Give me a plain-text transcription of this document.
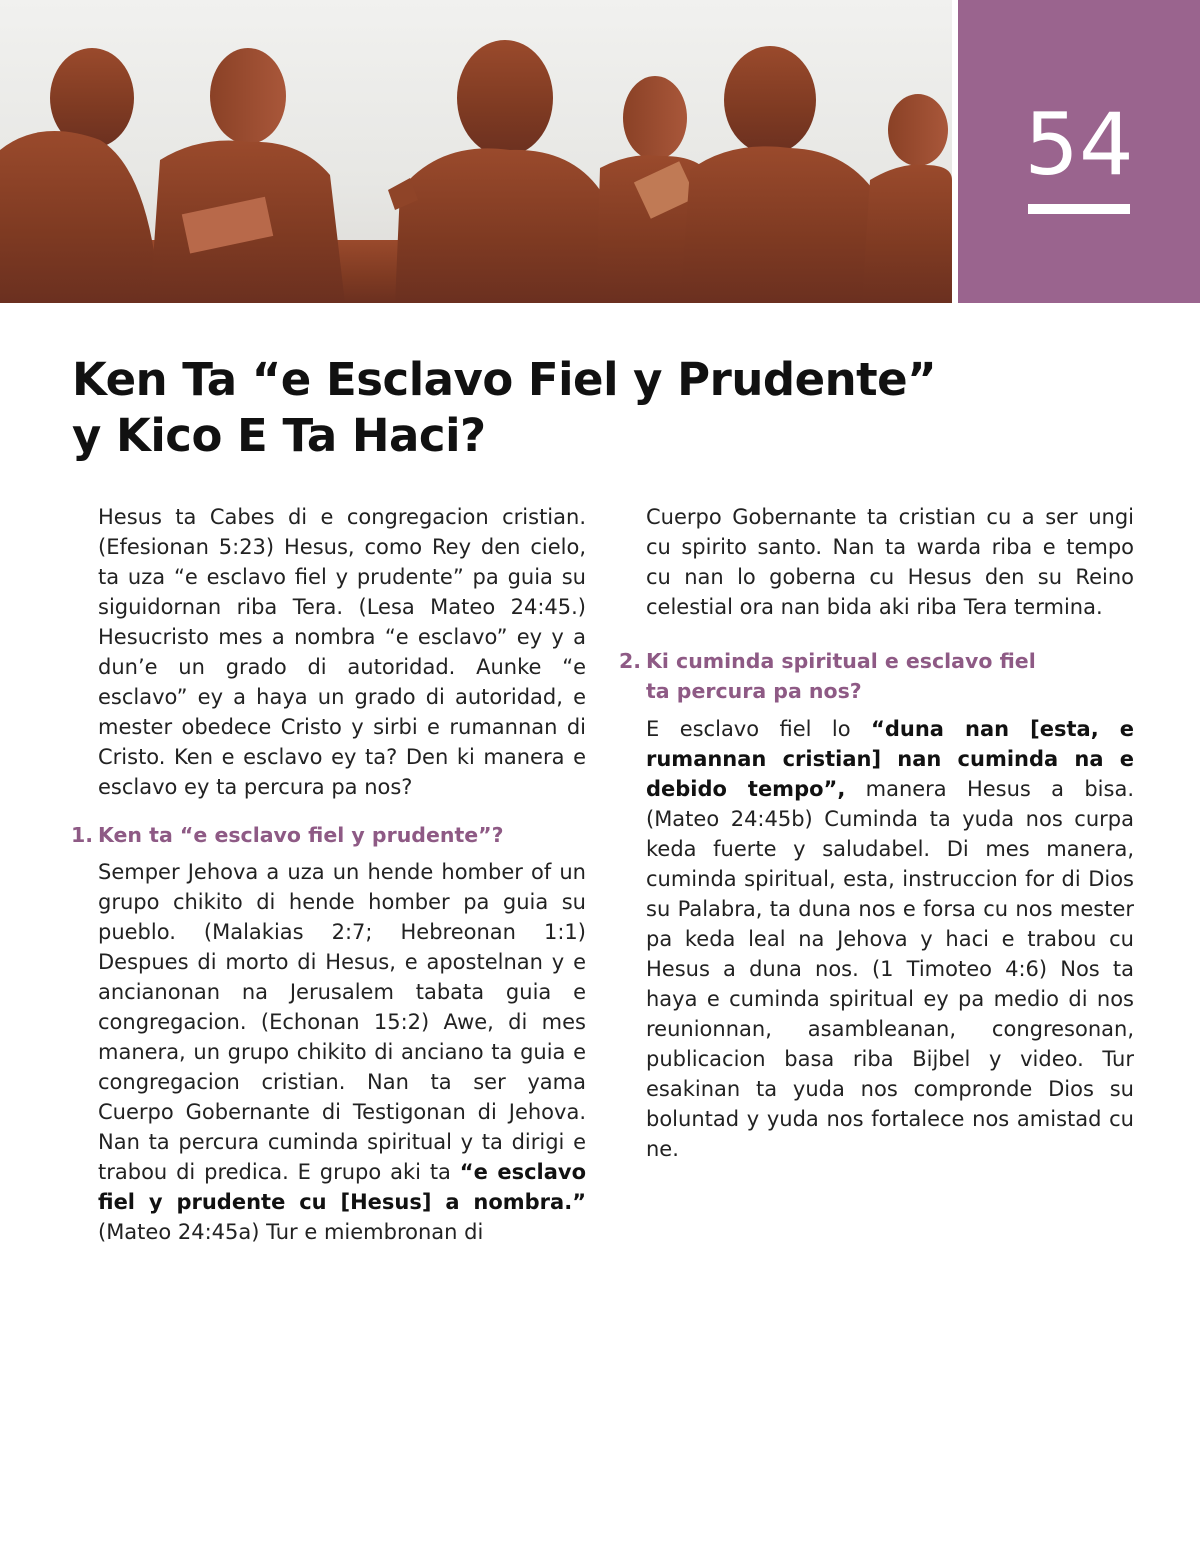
54
Ken Ta “e Esclavo Fiel y Prudente”
y Kico E Ta Haci?

Hesus ta Cabes di e congregacion cristian. (Efesionan 5:23) Hesus, como Rey den cielo, ta uza “e esclavo fiel y prudente” pa guia su siguidornan riba Tera. (Lesa Mateo 24:45.) Hesucristo mes a nombra “e esclavo” ey y a dun’e un grado di autoridad. Aunke “e esclavo” ey a haya un grado di autoridad, e mester obedece Cristo y sirbi e rumannan di Cristo. Ken e esclavo ey ta? Den ki manera e esclavo ey ta percura pa nos?

1. Ken ta “e esclavo fiel y prudente”?

Semper Jehova a uza un hende homber of un grupo chikito di hende homber pa guia su pueblo. (Malakias 2:7; Hebreonan 1:1) Despues di morto di Hesus, e apostelnan y e ancianonan na Jerusalem tabata guia e congregacion. (Echonan 15:2) Awe, di mes manera, un grupo chikito di anciano ta guia e congregacion cristian. Nan ta ser yama Cuerpo Gobernante di Testigonan di Jehova. Nan ta percura cuminda spiritual y ta dirigi e trabou di predica. E grupo aki ta “e esclavo fiel y prudente cu [Hesus] a nombra.” (Mateo 24:45a) Tur e miembronan di

Cuerpo Gobernante ta cristian cu a ser ungi cu spirito santo. Nan ta warda riba e tempo cu nan lo goberna cu Hesus den su Reino celestial ora nan bida aki riba Tera termina.

2. Ki cuminda spiritual e esclavo fiel
ta percura pa nos?

E esclavo fiel lo “duna nan [esta, e rumannan cristian] nan cuminda na e debido tempo”, manera Hesus a bisa. (Mateo 24:45b) Cuminda ta yuda nos curpa keda fuerte y saludabel. Di mes manera, cuminda spiritual, esta, instruccion for di Dios su Palabra, ta duna nos e forsa cu nos mester pa keda leal na Jehova y haci e trabou cu Hesus a duna nos. (1 Timoteo 4:6) Nos ta haya e cuminda spiritual ey pa medio di nos reunionnan, asambleanan, congresonan, publicacion basa riba Bijbel y video. Tur esakinan ta yuda nos compronde Dios su boluntad y yuda nos fortalece nos amistad cu ne.
